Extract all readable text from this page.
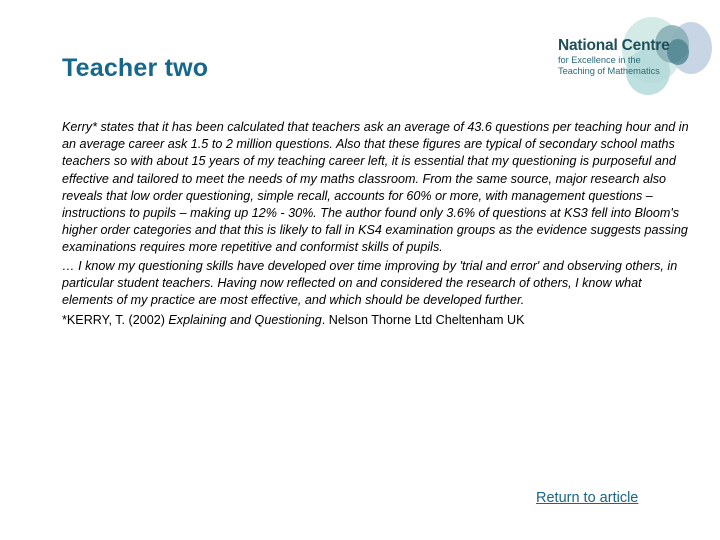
National Centre
for Excellence in the
Teaching of Mathematics
Teacher two

Kerry* states that it has been calculated that teachers ask an average of 43.6 questions per teaching hour and in an average career ask 1.5 to 2 million questions. Also that these figures are typical of secondary school maths teachers so with about 15 years of my teaching career left, it is essential that my questioning is purposeful and effective and tailored to meet the needs of my maths classroom. From the same source, major research also reveals that low order questioning, simple recall, accounts for 60% or more, with management questions – instructions to pupils – making up 12% - 30%. The author found only 3.6% of questions at KS3 fell into Bloom's higher order categories and that this is likely to fall in KS4 examination groups as the evidence suggests passing examinations requires more repetitive and conformist skills of pupils.

… I know my questioning skills have developed over time improving by 'trial and error' and observing others, in particular student teachers. Having now reflected on and considered the research of others, I know what elements of my practice are most effective, and which should be developed further.

*KERRY, T. (2002) Explaining and Questioning. Nelson Thorne Ltd Cheltenham UK

Return to article
